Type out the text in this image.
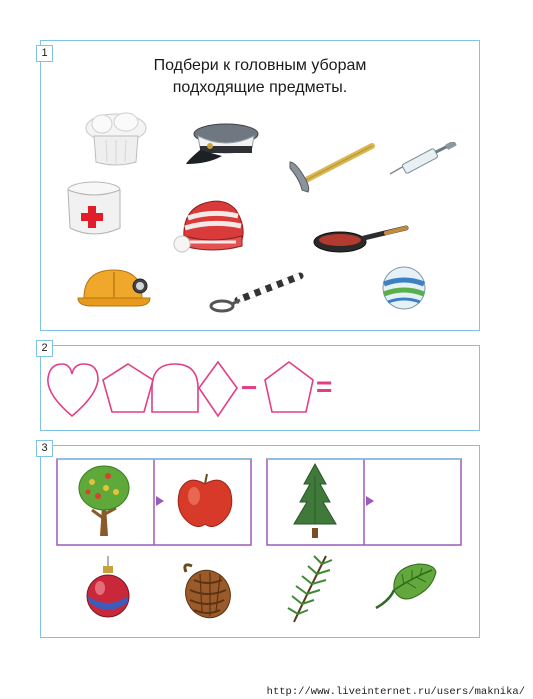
1
Подбери к головным уборам
подходящие предметы.
2
− =
3
http://www.liveinternet.ru/users/maknika/
